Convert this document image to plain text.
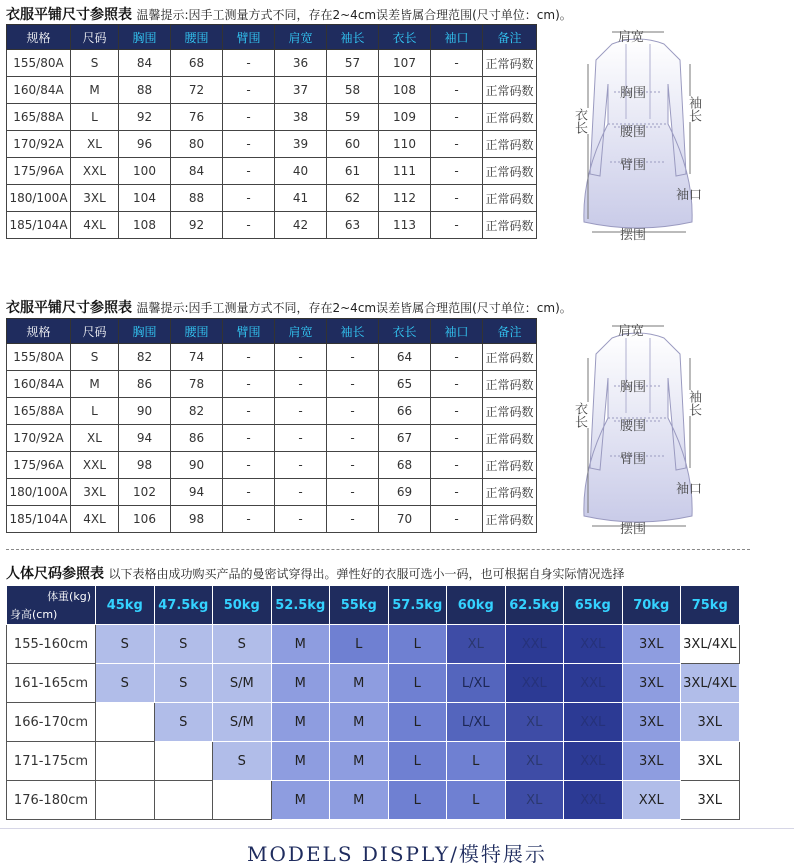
衣服平铺尺寸参照表 温馨提示:因手工测量方式不同，存在2~4cm误差皆属合理范围(尺寸单位：cm)。
规格	尺码	胸围	腰围	臂围	肩宽	袖长	衣长	袖口	备注
155/80A	S	84	68	-	36	57	107	-	正常码数
160/84A	M	88	72	-	37	58	108	-	正常码数
165/88A	L	92	76	-	38	59	109	-	正常码数
170/92A	XL	96	80	-	39	60	110	-	正常码数
175/96A	XXL	100	84	-	40	61	111	-	正常码数
180/100A	3XL	104	88	-	41	62	112	-	正常码数
185/104A	4XL	108	92	-	42	63	113	-	正常码数
肩宽
胸围
腰围
臂围
摆围
袖口
衣长	袖长
衣服平铺尺寸参照表 温馨提示:因手工测量方式不同，存在2~4cm误差皆属合理范围(尺寸单位：cm)。
规格	尺码	胸围	腰围	臂围	肩宽	袖长	衣长	袖口	备注
155/80A	S	82	74	-	-	-	64	-	正常码数
160/84A	M	86	78	-	-	-	65	-	正常码数
165/88A	L	90	82	-	-	-	66	-	正常码数
170/92A	XL	94	86	-	-	-	67	-	正常码数
175/96A	XXL	98	90	-	-	-	68	-	正常码数
180/100A	3XL	102	94	-	-	-	69	-	正常码数
185/104A	4XL	106	98	-	-	-	70	-	正常码数
肩宽
胸围
腰围
臂围
摆围
袖口
衣长	袖长
人体尺码参照表 以下表格由成功购买产品的曼密试穿得出。弹性好的衣服可选小一码，也可根据自身实际情况选择
体重(kg)
身高(cm)	45kg	47.5kg	50kg	52.5kg	55kg	57.5kg	60kg	62.5kg	65kg	70kg	75kg
155-160cm	S	S	S	M	L	L	XL	XXL	XXL	3XL	3XL/4XL
161-165cm	S	S	S/M	M	M	L	L/XL	XXL	XXL	3XL	3XL/4XL
166-170cm		S	S/M	M	M	L	L/XL	XL	XXL	3XL	3XL
171-175cm			S	M	M	L	L	XL	XXL	3XL	3XL
176-180cm				M	M	L	L	XL	XXL	XXL	3XL
MODELS DISPLY/模特展示
